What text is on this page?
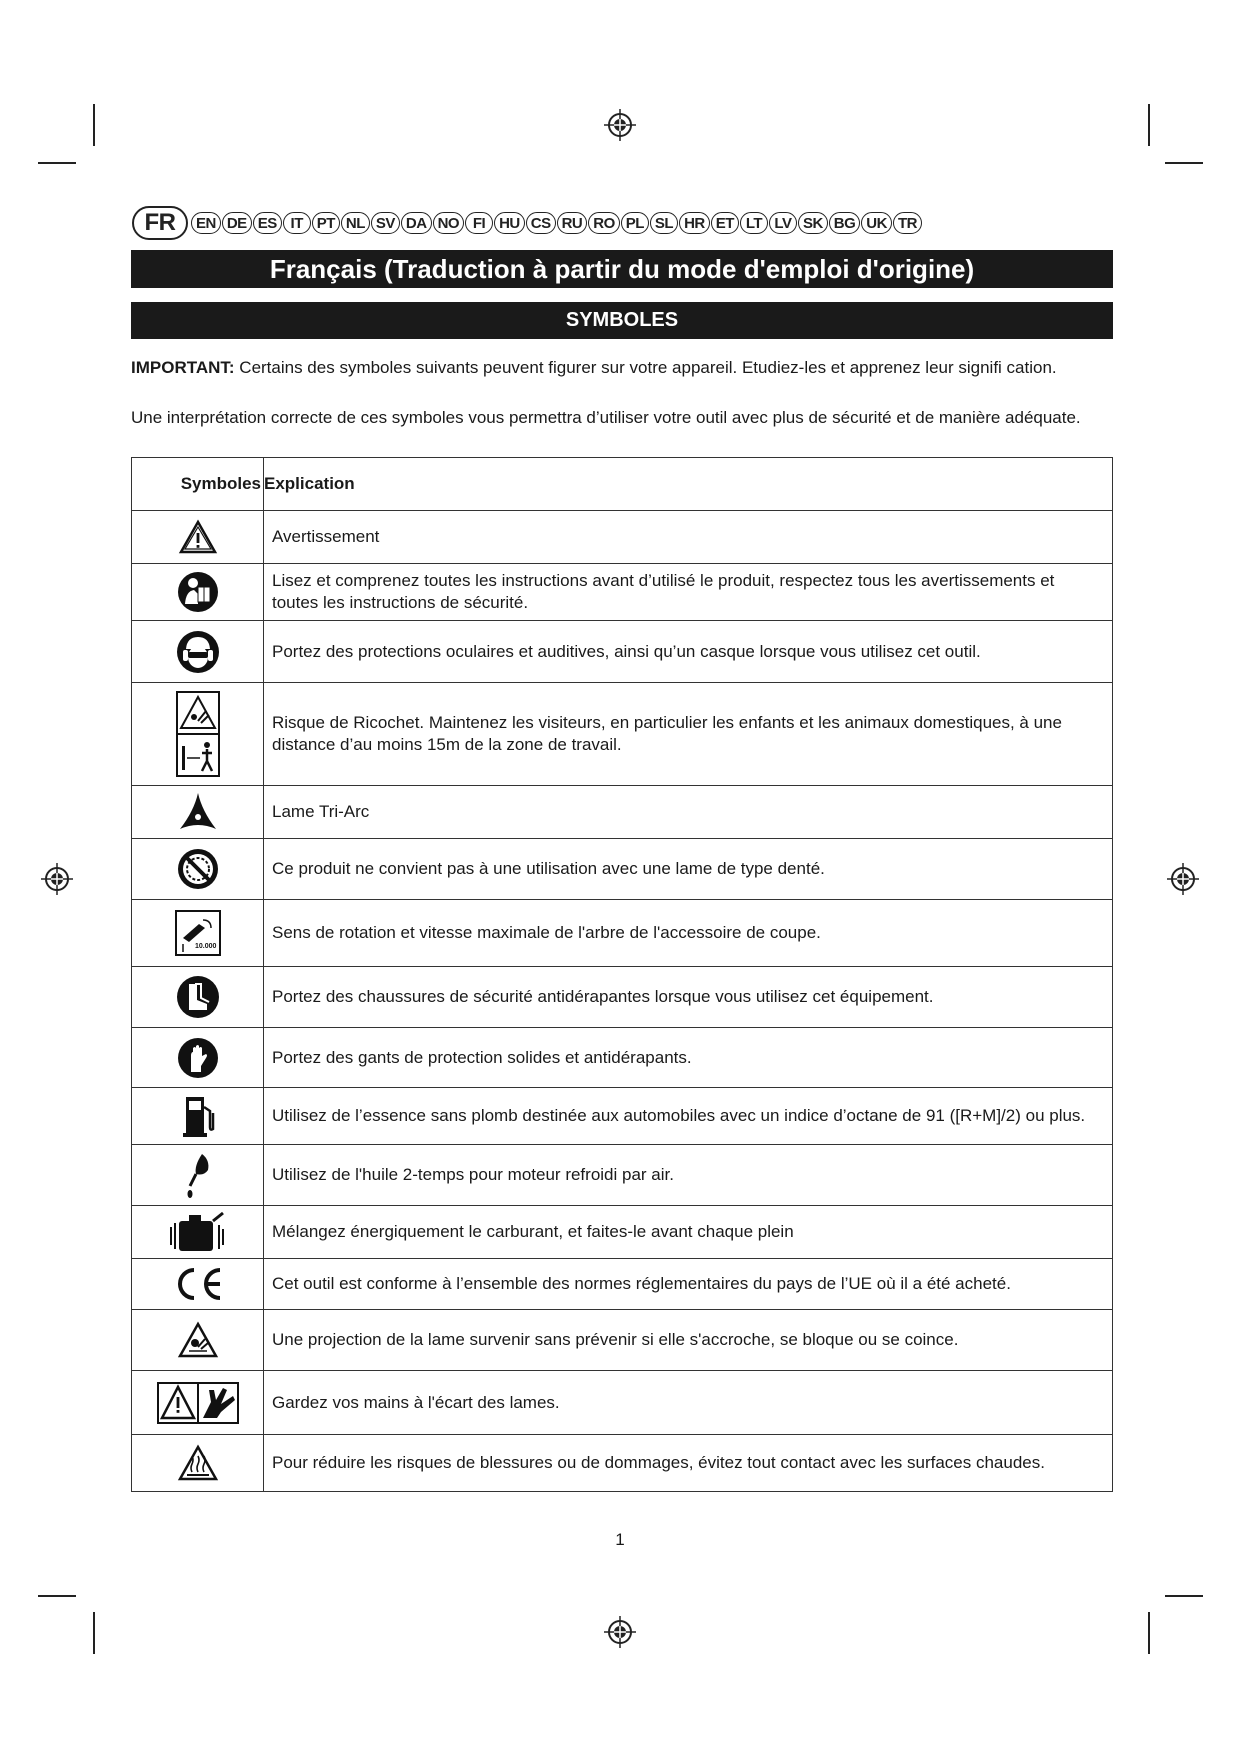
FR	EN DE ES IT PT NL SV DA NO FI HU CS RU RO PL SL HR ET LT LV SK BG UK TR
Français (Traduction à partir du mode d'emploi d'origine)
SYMBOLES
IMPORTANT: Certains des symboles suivants peuvent figurer sur votre appareil. Etudiez-les et apprenez leur signifi cation.
Une interprétation correcte de ces symboles vous permettra d’utiliser votre outil avec plus de sécurité et de manière adéquate.
Symboles	Explication

	Avertissement

	Lisez et comprenez toutes les instructions avant d’utilisé le produit, respectez tous les avertissements et toutes les instructions de sécurité.

	Portez des protections oculaires et auditives, ainsi qu’un casque lorsque vous utilisez cet outil.

	Risque de Ricochet. Maintenez les visiteurs, en particulier les enfants et les animaux domestiques, à une distance d’au moins 15m de la zone de travail.

	Lame Tri-Arc

	Ce produit ne convient pas à une utilisation avec une lame de type denté.

10.000	Sens de rotation et vitesse maximale de l'arbre de l'accessoire de coupe.

	Portez des chaussures de sécurité antidérapantes lorsque vous utilisez cet équipement.

	Portez des gants de protection solides et antidérapants.

	Utilisez de l’essence sans plomb destinée aux automobiles avec un indice d’octane de 91 ([R+M]/2) ou plus.

	Utilisez de l'huile 2-temps pour moteur refroidi par air.

	Mélangez énergiquement le carburant, et faites-le avant chaque plein

	Cet outil est conforme à l’ensemble des normes réglementaires du pays de l’UE où il a été acheté.

	Une projection de la lame survenir sans prévenir si elle s'accroche, se bloque ou se coince.

	Gardez vos mains à l'écart des lames.

	Pour réduire les risques de blessures ou de dommages, évitez tout contact avec les surfaces chaudes.
1
